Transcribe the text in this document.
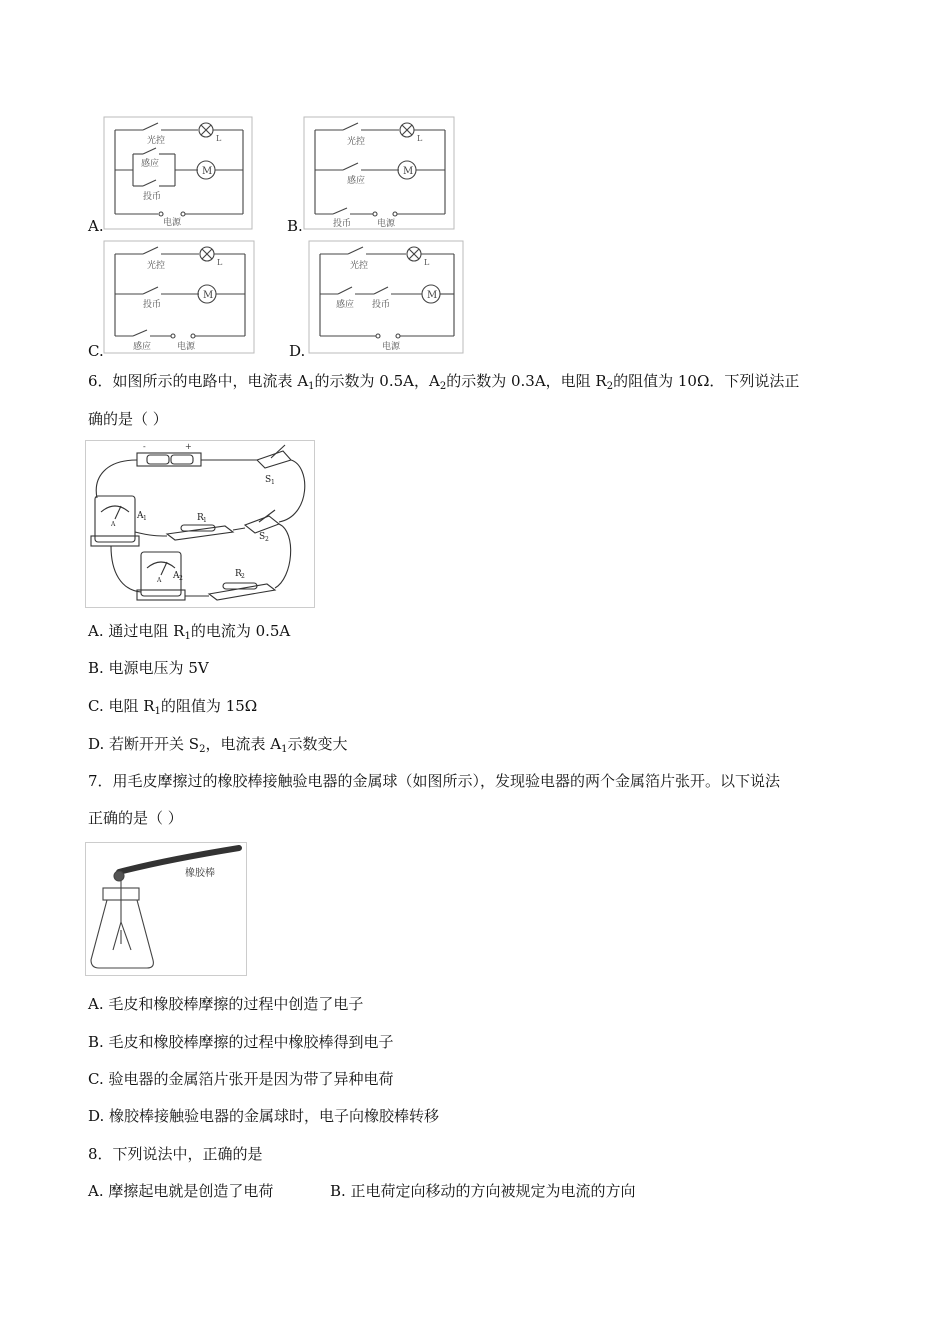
A.
光控
感应
投币
电源
L
M
B.
光控
感应
投币	电源
L
M
C.
光控
投币
感应	电源
L
M
D.
光控
感应 投币
电源
L
M
6．如图所示的电路中，电流表 $A_1$的示数为 0.5A，$A_2$的示数为 0.3A，电阻 $R_2$的阻值为 10Ω．下列说法正
确的是（ ）
-	+
S 1
A 1
A
R 1
S 2
A 2
A
R 2
A. 通过电阻 $R_1$的电流为 0.5A
B. 电源电压为 5V
C. 电阻 $R_1$的阻值为 15Ω
D. 若断开开关 $S_2$，电流表 $A_1$示数变大
7．用毛皮摩擦过的橡胶棒接触验电器的金属球（如图所示），发现验电器的两个金属箔片张开。以下说法
正确的是（ ）
橡胶棒
A. 毛皮和橡胶棒摩擦的过程中创造了电子
B. 毛皮和橡胶棒摩擦的过程中橡胶棒得到电子
C. 验电器的金属箔片张开是因为带了异种电荷
D. 橡胶棒接触验电器的金属球时，电子向橡胶棒转移
8．下列说法中，正确的是
A. 摩擦起电就是创造了电荷	B. 正电荷定向移动的方向被规定为电流的方向
